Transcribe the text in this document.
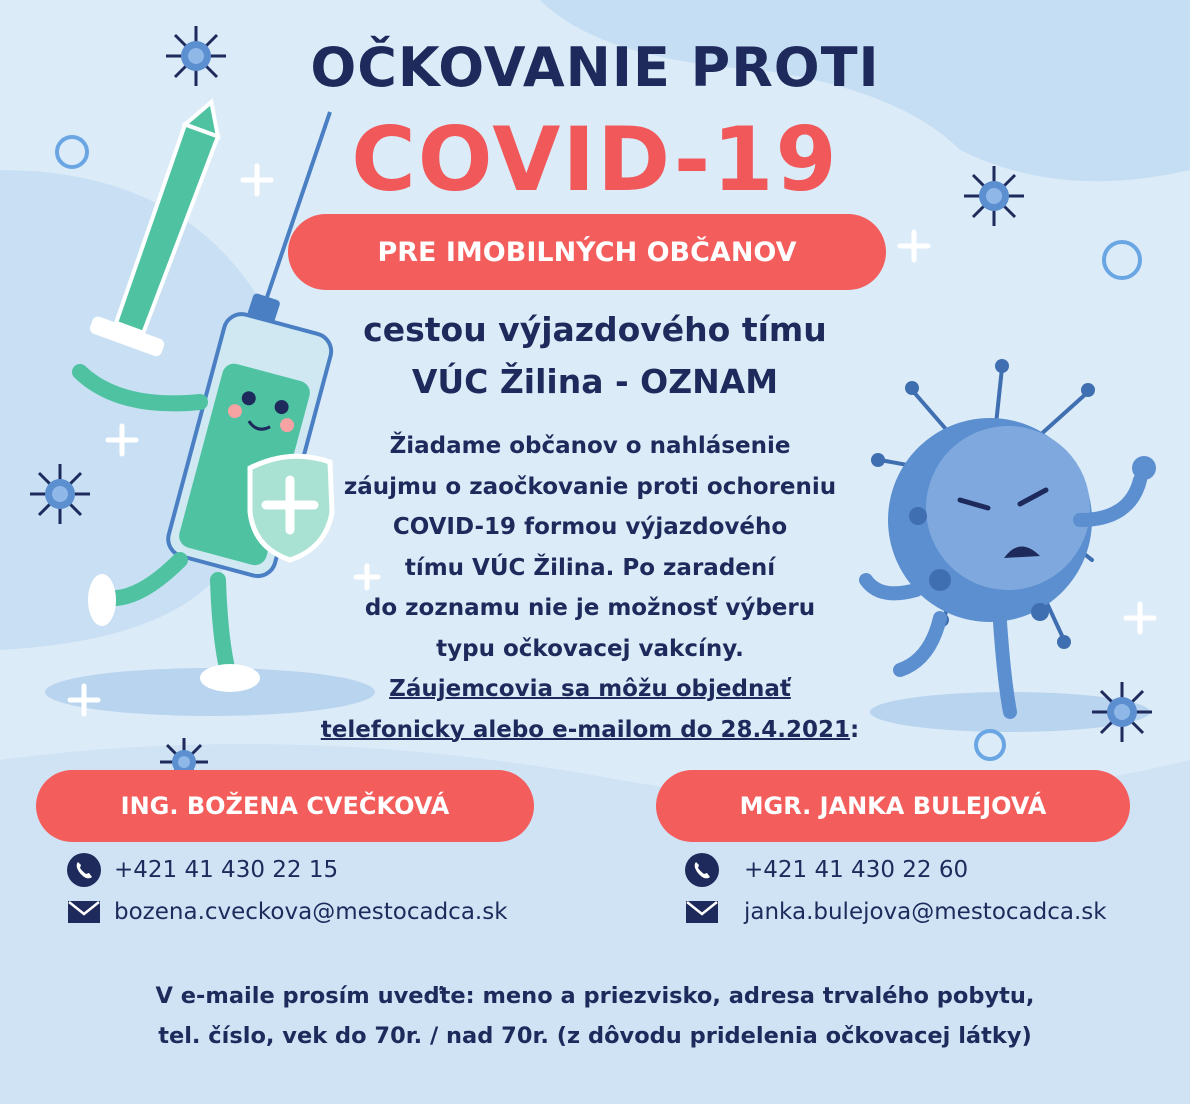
OČKOVANIE PROTI
COVID-19
PRE IMOBILNÝCH OBČANOV
cestou výjazdového tímu
VÚC Žilina - OZNAM
Žiadame občanov o nahlásenie
záujmu o zaočkovanie proti ochoreniu
COVID-19 formou výjazdového
tímu VÚC Žilina. Po zaradení
do zoznamu nie je možnosť výberu
typu očkovacej vakcíny.
Záujemcovia sa môžu objednať
telefonicky alebo e-mailom do 28.4.2021:
ING. BOŽENA CVEČKOVÁ
+421 41 430 22 15
bozena.cveckova@mestocadca.sk
MGR. JANKA BULEJOVÁ
+421 41 430 22 60
janka.bulejova@mestocadca.sk
V e-maile prosím uveďte: meno a priezvisko, adresa trvalého pobytu,
tel. číslo, vek do 70r. / nad 70r. (z dôvodu pridelenia očkovacej látky)
